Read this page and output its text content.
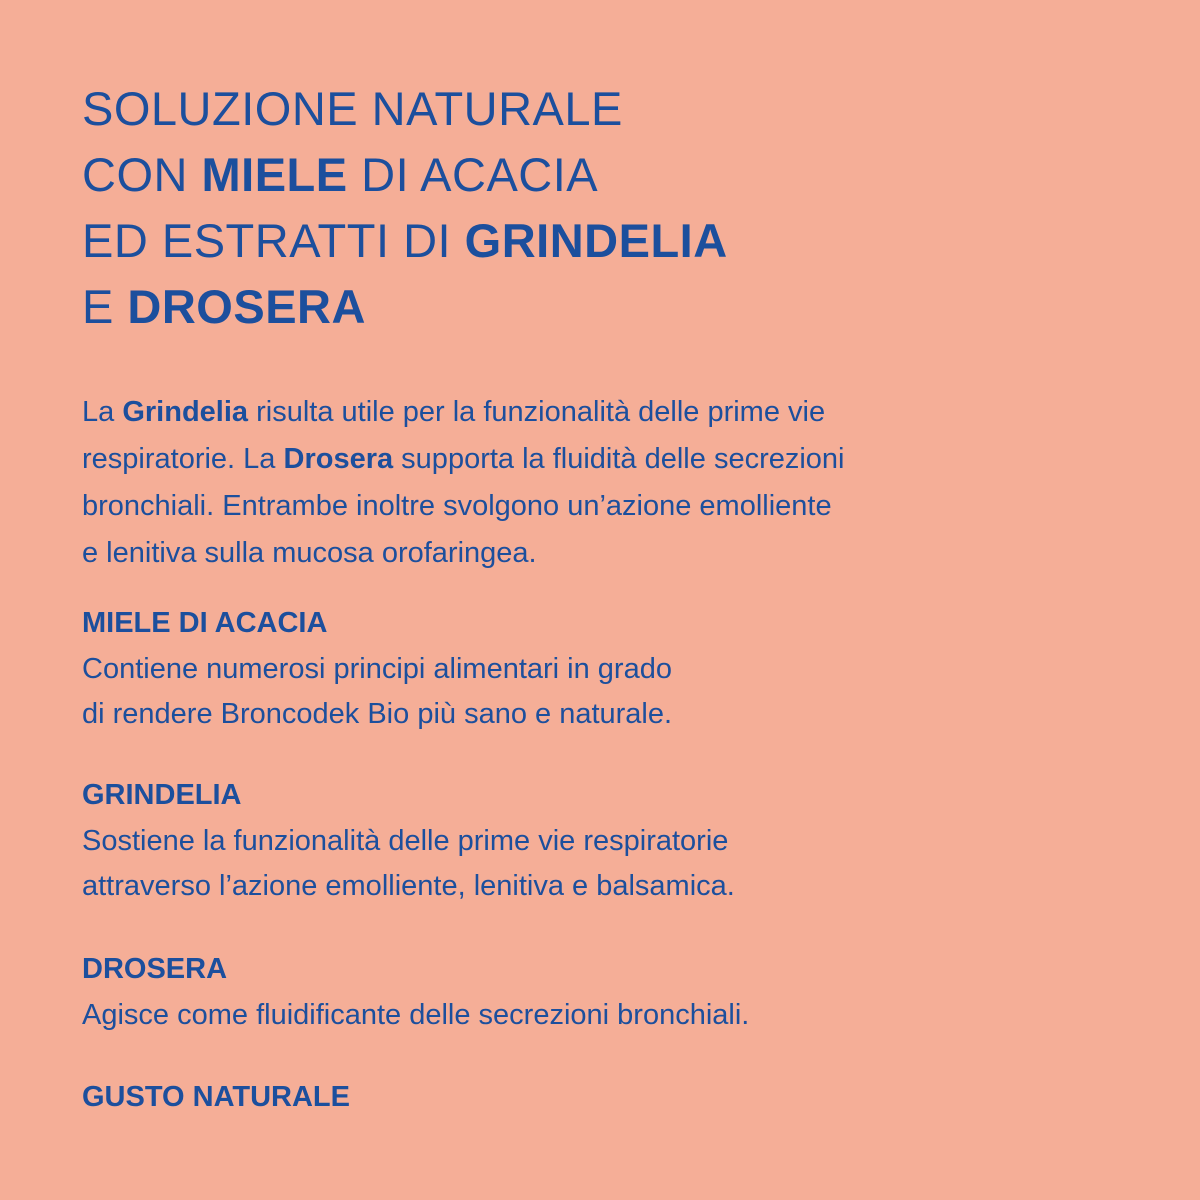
SOLUZIONE NATURALE
CON MIELE DI ACACIA
ED ESTRATTI DI GRINDELIA
E DROSERA

La Grindelia risulta utile per la funzionalità delle prime vie
respiratorie. La Drosera supporta la fluidità delle secrezioni
bronchiali. Entrambe inoltre svolgono un’azione emolliente
e lenitiva sulla mucosa orofaringea.

MIELE DI ACACIA

Contiene numerosi principi alimentari in grado
di rendere Broncodek Bio più sano e naturale.

GRINDELIA

Sostiene la funzionalità delle prime vie respiratorie
attraverso l’azione emolliente, lenitiva e balsamica.

DROSERA

Agisce come fluidificante delle secrezioni bronchiali.

GUSTO NATURALE
